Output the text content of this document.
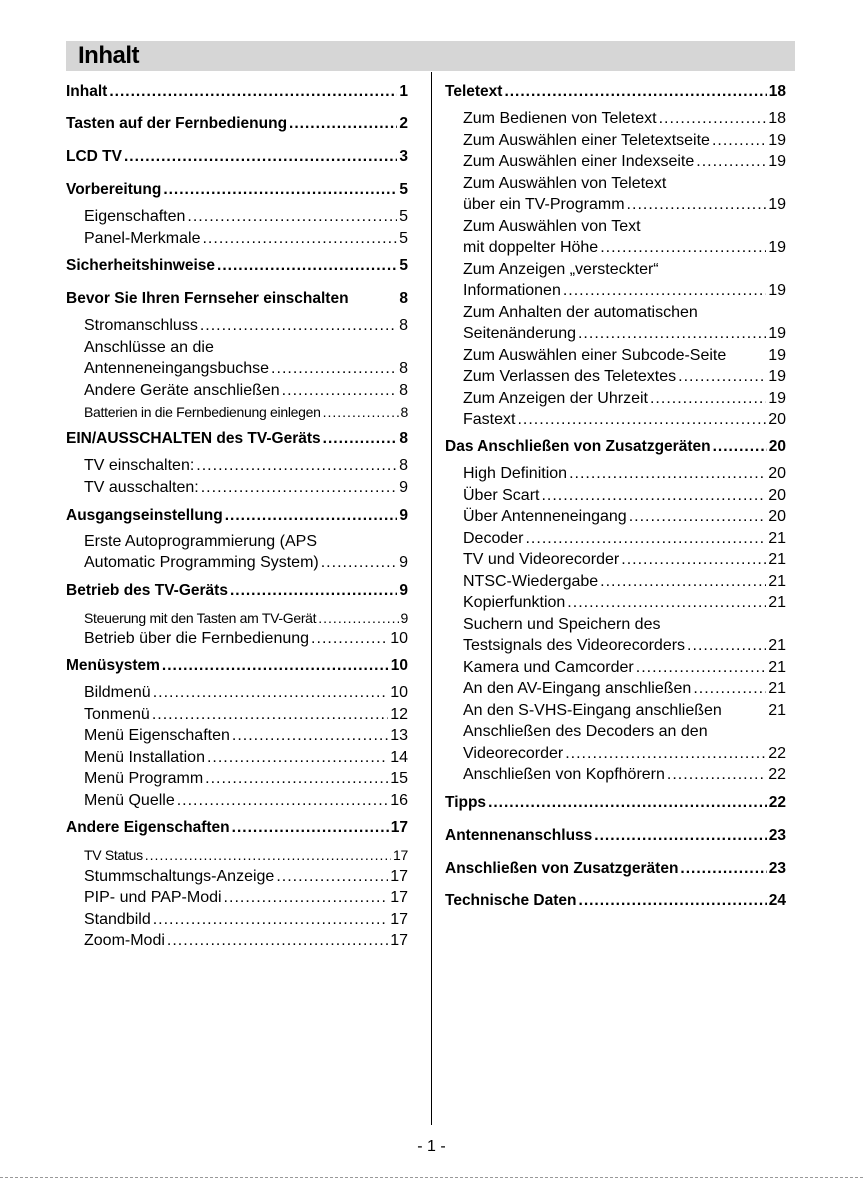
Inhalt
Inhalt .....	1
Tasten auf der Fernbedienung .....	2
LCD TV .....	3
Vorbereitung .....	5
Eigenschaften .....	5
Panel-Merkmale .....	5
Sicherheitshinweise .....	5
Bevor Sie Ihren Fernseher einschalten	8
Stromanschluss .....	8
Anschlüsse an die
Antenneneingangsbuchse .....	8
Andere Geräte anschließen .....	8
Batterien in die Fernbedienung einlegen .....	8
EIN/AUSSCHALTEN des TV-Geräts .....	8
TV einschalten: .....	8
TV ausschalten: .....	9
Ausgangseinstellung .....	9
Erste Autoprogrammierung (APS
Automatic Programming System) .....	9
Betrieb des TV-Geräts .....	9
Steuerung mit den Tasten am TV-Gerät .....	9
Betrieb über die Fernbedienung .....	10
Menüsystem .....	10
Bildmenü .....	10
Tonmenü .....	12
Menü Eigenschaften .....	13
Menü Installation .....	14
Menü Programm .....	15
Menü Quelle .....	16
Andere Eigenschaften .....	17
TV Status .....	17
Stummschaltungs-Anzeige .....	17
PIP- und PAP-Modi .....	17
Standbild .....	17
Zoom-Modi .....	17
Teletext .....	18
Zum Bedienen von Teletext .....	18
Zum Auswählen einer Teletextseite .....	19
Zum Auswählen einer Indexseite .....	19
Zum Auswählen von Teletext
über ein TV-Programm .....	19
Zum Auswählen von Text
mit doppelter Höhe .....	19
Zum Anzeigen „versteckter“
Informationen .....	19
Zum Anhalten der automatischen
Seitenänderung .....	19
Zum Auswählen einer Subcode-Seite	19
Zum Verlassen des Teletextes .....	19
Zum Anzeigen der Uhrzeit .....	19
Fastext .....	20
Das Anschließen von Zusatzgeräten .....	20
High Definition .....	20
Über Scart .....	20
Über Antenneneingang .....	20
Decoder .....	21
TV und Videorecorder .....	21
NTSC-Wiedergabe .....	21
Kopierfunktion .....	21
Suchern und Speichern des
Testsignals des Videorecorders .....	21
Kamera und Camcorder .....	21
An den AV-Eingang anschließen .....	21
An den S-VHS-Eingang anschließen	21
Anschließen des Decoders an den
Videorecorder .....	22
Anschließen von Kopfhörern .....	22
Tipps .....	22
Antennenanschluss .....	23
Anschließen von Zusatzgeräten .....	23
Technische Daten .....	24
- 1 -
